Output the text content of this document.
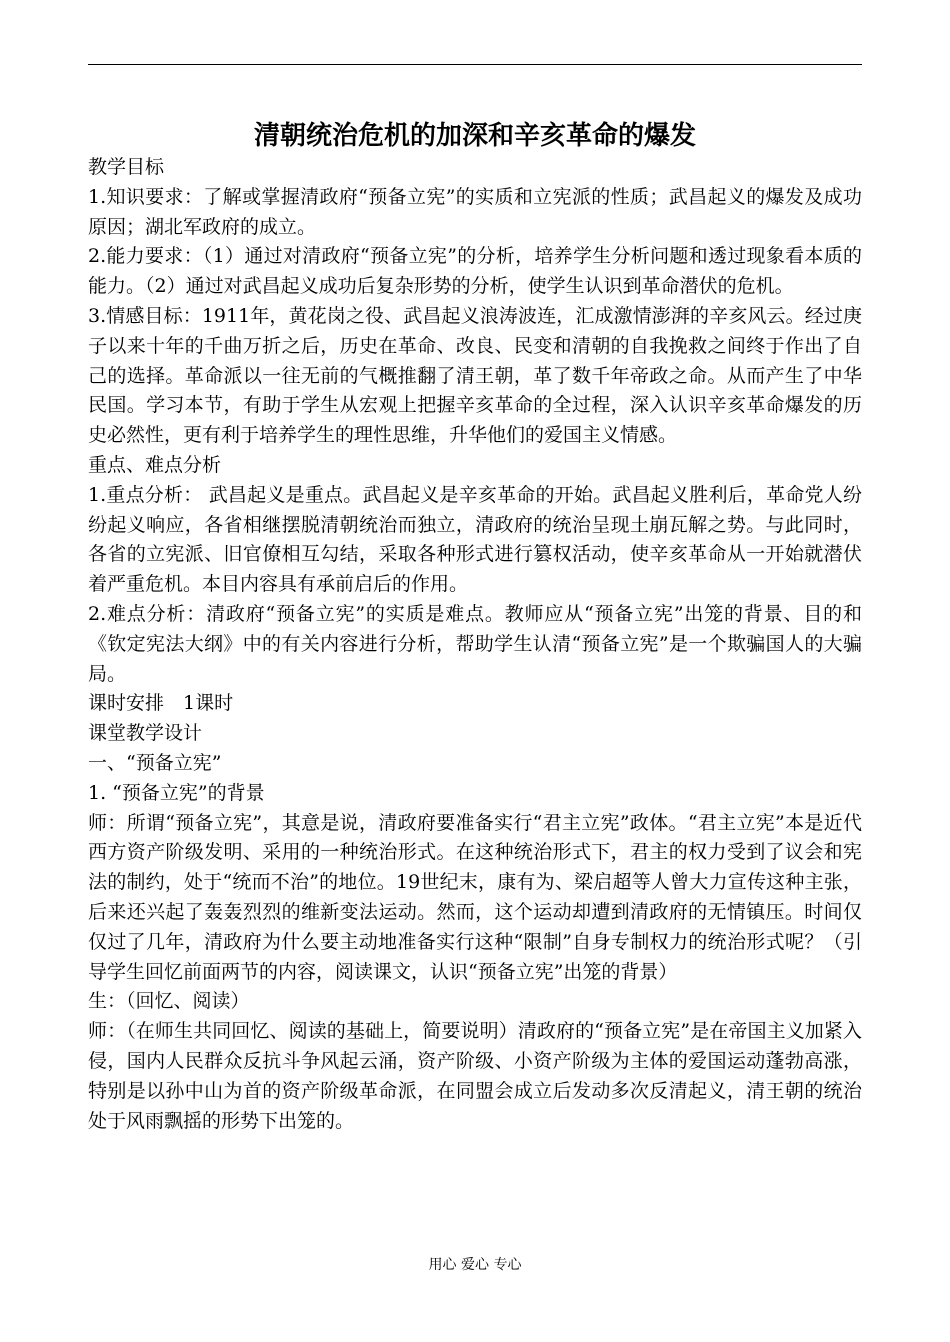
清朝统治危机的加深和辛亥革命的爆发

教学目标

1.知识要求：了解或掌握清政府“预备立宪”的实质和立宪派的性质；武昌起义的爆发及成功原因；湖北军政府的成立。

2.能力要求：（1）通过对清政府“预备立宪”的分析，培养学生分析问题和透过现象看本质的能力。（2）通过对武昌起义成功后复杂形势的分析，使学生认识到革命潜伏的危机。

3.情感目标：1911年，黄花岗之役、武昌起义浪涛波连，汇成激情澎湃的辛亥风云。经过庚子以来十年的千曲万折之后，历史在革命、改良、民变和清朝的自我挽救之间终于作出了自己的选择。革命派以一往无前的气概推翻了清王朝，革了数千年帝政之命。从而产生了中华民国。学习本节，有助于学生从宏观上把握辛亥革命的全过程，深入认识辛亥革命爆发的历史必然性，更有利于培养学生的理性思维，升华他们的爱国主义情感。

重点、难点分析

1.重点分析： 武昌起义是重点。武昌起义是辛亥革命的开始。武昌起义胜利后，革命党人纷纷起义响应，各省相继摆脱清朝统治而独立，清政府的统治呈现土崩瓦解之势。与此同时，各省的立宪派、旧官僚相互勾结，采取各种形式进行篡权活动，使辛亥革命从一开始就潜伏着严重危机。本目内容具有承前启后的作用。

2.难点分析：清政府“预备立宪”的实质是难点。教师应从“预备立宪”出笼的背景、目的和《钦定宪法大纲》中的有关内容进行分析，帮助学生认清“预备立宪”是一个欺骗国人的大骗局。

课时安排　1课时

课堂教学设计

一、“预备立宪”

1. “预备立宪”的背景

师：所谓“预备立宪”，其意是说，清政府要准备实行“君主立宪”政体。“君主立宪”本是近代西方资产阶级发明、采用的一种统治形式。在这种统治形式下，君主的权力受到了议会和宪法的制约，处于“统而不治”的地位。19世纪末，康有为、梁启超等人曾大力宣传这种主张，后来还兴起了轰轰烈烈的维新变法运动。然而，这个运动却遭到清政府的无情镇压。时间仅仅过了几年，清政府为什么要主动地准备实行这种“限制”自身专制权力的统治形式呢？（引导学生回忆前面两节的内容，阅读课文，认识“预备立宪”出笼的背景）

生：（回忆、阅读）

师：（在师生共同回忆、阅读的基础上，简要说明）清政府的“预备立宪”是在帝国主义加紧入侵，国内人民群众反抗斗争风起云涌，资产阶级、小资产阶级为主体的爱国运动蓬勃高涨，特别是以孙中山为首的资产阶级革命派，在同盟会成立后发动多次反清起义，清王朝的统治处于风雨飘摇的形势下出笼的。

用心 爱心 专心
